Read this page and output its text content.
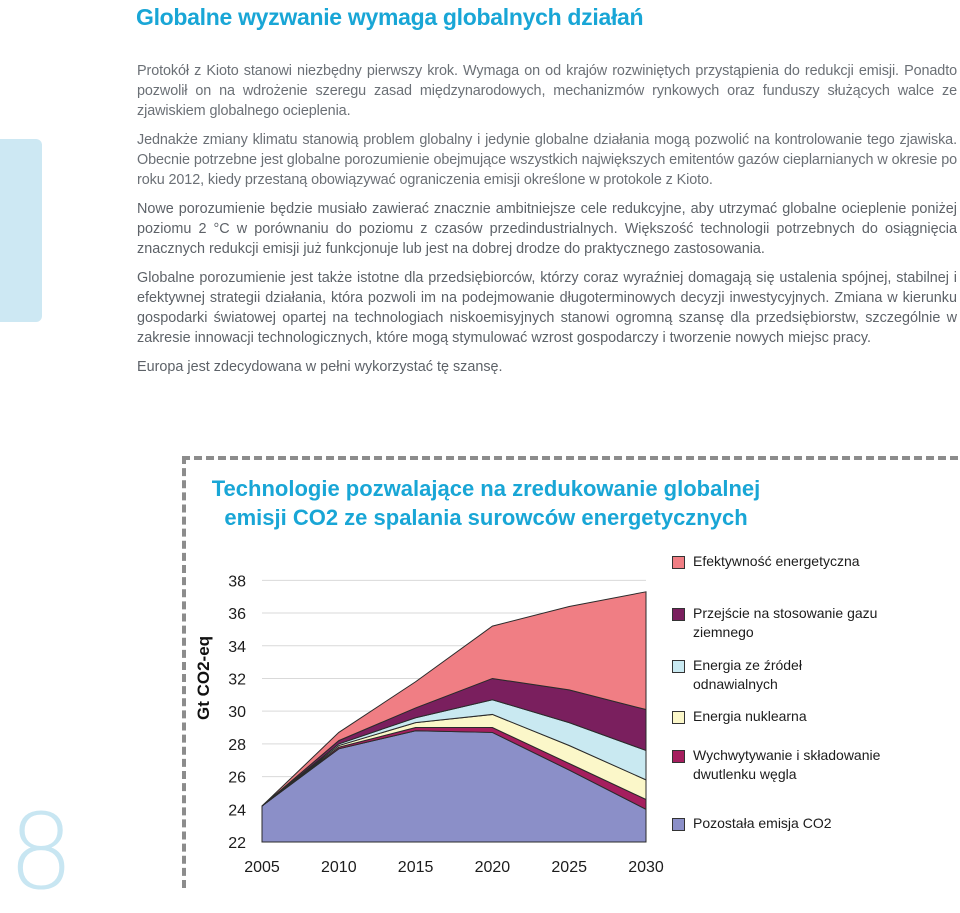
Globalne wyzwanie wymaga globalnych działań
8

Protokół z Kioto stanowi niezbędny pierwszy krok. Wymaga on od krajów rozwiniętych przystąpienia do redukcji emisji. Ponadto pozwolił on na wdrożenie szeregu zasad międzynarodowych, mechanizmów rynkowych oraz funduszy służących walce ze zjawiskiem globalnego ocieplenia.

Jednakże zmiany klimatu stanowią problem globalny i jedynie globalne działania mogą pozwolić na kontrolowanie tego zjawiska. Obecnie potrzebne jest globalne porozumienie obejmujące wszystkich największych emitentów gazów cieplarnianych w okresie po roku 2012, kiedy przestaną obowiązywać ograniczenia emisji określone w protokole z Kioto.

Nowe porozumienie będzie musiało zawierać znacznie ambitniejsze cele redukcyjne, aby utrzymać globalne ocieplenie poniżej poziomu 2 °C w porównaniu do poziomu z czasów przedindustrialnych. Większość technologii potrzebnych do osiągnięcia znacznych redukcji emisji już funkcjonuje lub jest na dobrej drodze do praktycznego zastosowania.

Globalne porozumienie jest także istotne dla przedsiębiorców, którzy coraz wyraźniej domagają się ustalenia spójnej, stabilnej i efektywnej strategii działania, która pozwoli im na podejmowanie długoterminowych decyzji inwestycyjnych. Zmiana w kierunku gospodarki światowej opartej na technologiach niskoemisyjnych stanowi ogromną szansę dla przedsiębiorstw, szczególnie w zakresie innowacji technologicznych, które mogą stymulować wzrost gospodarczy i tworzenie nowych miejsc pracy.

Europa jest zdecydowana w pełni wykorzystać tę szansę.

Technologie pozwalające na zredukowanie globalnej
emisji CO2 ze spalania surowców energetycznych
Gt CO2-eq
22
24
26
28
30
32
34
36
38
2005	2010	2015	2020	2025	2030
Efektywność energetyczna
Przejście na stosowanie gazu ziemnego
Energia ze źródeł odnawialnych
Energia nuklearna
Wychwytywanie i składowanie dwutlenku węgla
Pozostała emisja CO2
